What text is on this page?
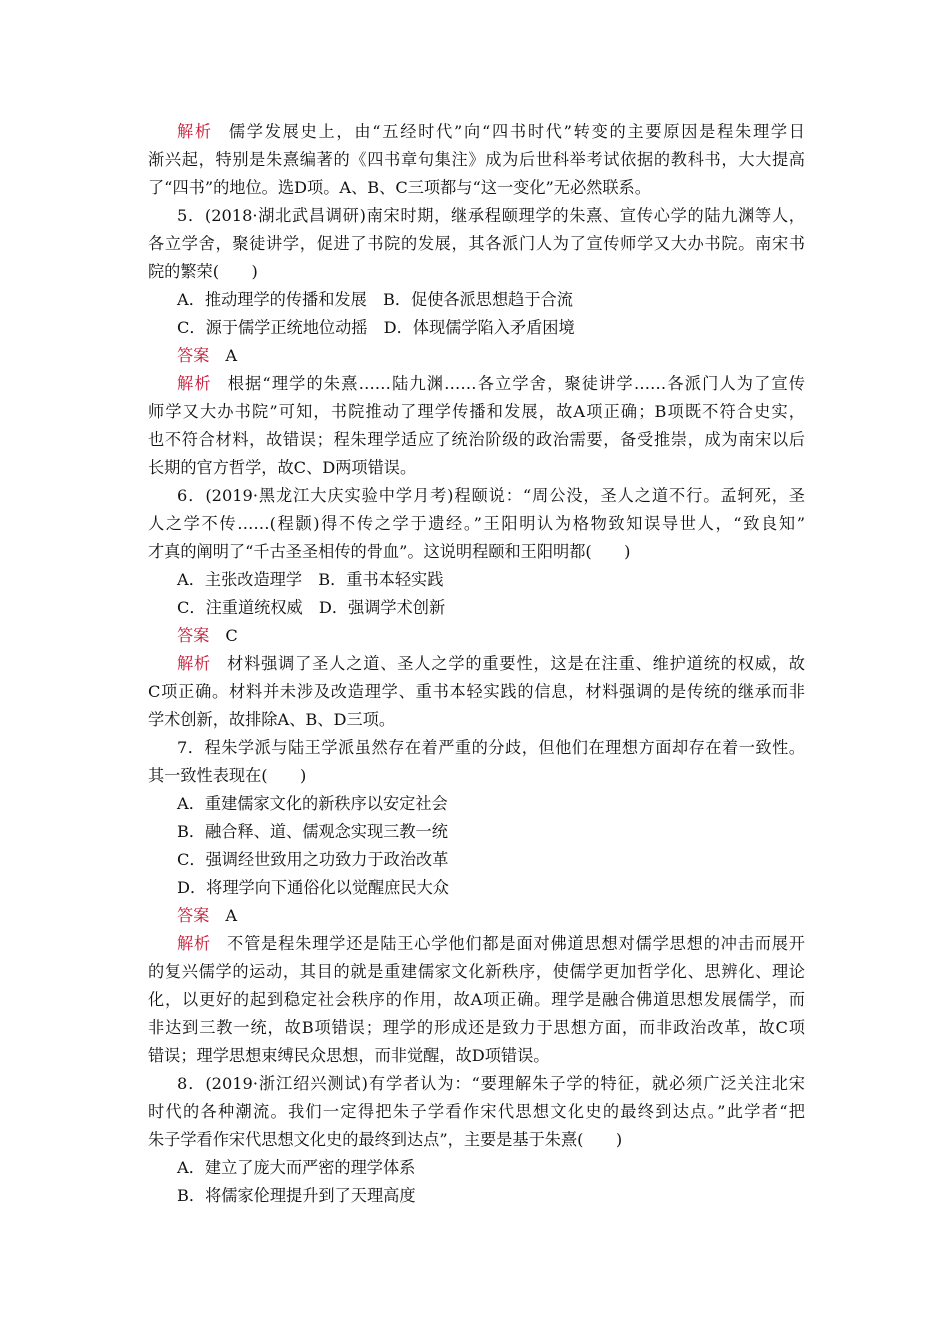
解析 儒学发展史上，由“五经时代”向“四书时代”转变的主要原因是程朱理学日
渐兴起，特别是朱熹编著的《四书章句集注》成为后世科举考试依据的教科书，大大提高
了“四书”的地位。选D项。A、B、C三项都与“这一变化”无必然联系。
5．(2018·湖北武昌调研)南宋时期，继承程颐理学的朱熹、宣传心学的陆九渊等人，
各立学舍，聚徒讲学，促进了书院的发展，其各派门人为了宣传师学又大办书院。南宋书
院的繁荣(　　)
A．推动理学的传播和发展　B．促使各派思想趋于合流
C．源于儒学正统地位动摇　D．体现儒学陷入矛盾困境
答案 A
解析 根据“理学的朱熹……陆九渊……各立学舍，聚徒讲学……各派门人为了宣传
师学又大办书院”可知，书院推动了理学传播和发展，故A项正确；B项既不符合史实，
也不符合材料，故错误；程朱理学适应了统治阶级的政治需要，备受推崇，成为南宋以后
长期的官方哲学，故C、D两项错误。
6．(2019·黑龙江大庆实验中学月考)程颐说：“周公没，圣人之道不行。孟轲死，圣
人之学不传……(程颢)得不传之学于遗经。”王阳明认为格物致知误导世人，“致良知”
才真的阐明了“千古圣圣相传的骨血”。这说明程颐和王阳明都(　　)
A．主张改造理学　B．重书本轻实践
C．注重道统权威　D．强调学术创新
答案 C
解析 材料强调了圣人之道、圣人之学的重要性，这是在注重、维护道统的权威，故
C项正确。材料并未涉及改造理学、重书本轻实践的信息，材料强调的是传统的继承而非
学术创新，故排除A、B、D三项。
7．程朱学派与陆王学派虽然存在着严重的分歧，但他们在理想方面却存在着一致性。
其一致性表现在(　　)
A．重建儒家文化的新秩序以安定社会
B．融合释、道、儒观念实现三教一统
C．强调经世致用之功致力于政治改革
D．将理学向下通俗化以觉醒庶民大众
答案 A
解析 不管是程朱理学还是陆王心学他们都是面对佛道思想对儒学思想的冲击而展开
的复兴儒学的运动，其目的就是重建儒家文化新秩序，使儒学更加哲学化、思辨化、理论
化，以更好的起到稳定社会秩序的作用，故A项正确。理学是融合佛道思想发展儒学，而
非达到三教一统，故B项错误；理学的形成还是致力于思想方面，而非政治改革，故C项
错误；理学思想束缚民众思想，而非觉醒，故D项错误。
8．(2019·浙江绍兴测试)有学者认为：“要理解朱子学的特征，就必须广泛关注北宋
时代的各种潮流。我们一定得把朱子学看作宋代思想文化史的最终到达点。”此学者“把
朱子学看作宋代思想文化史的最终到达点”，主要是基于朱熹(　　)
A．建立了庞大而严密的理学体系
B．将儒家伦理提升到了天理高度
